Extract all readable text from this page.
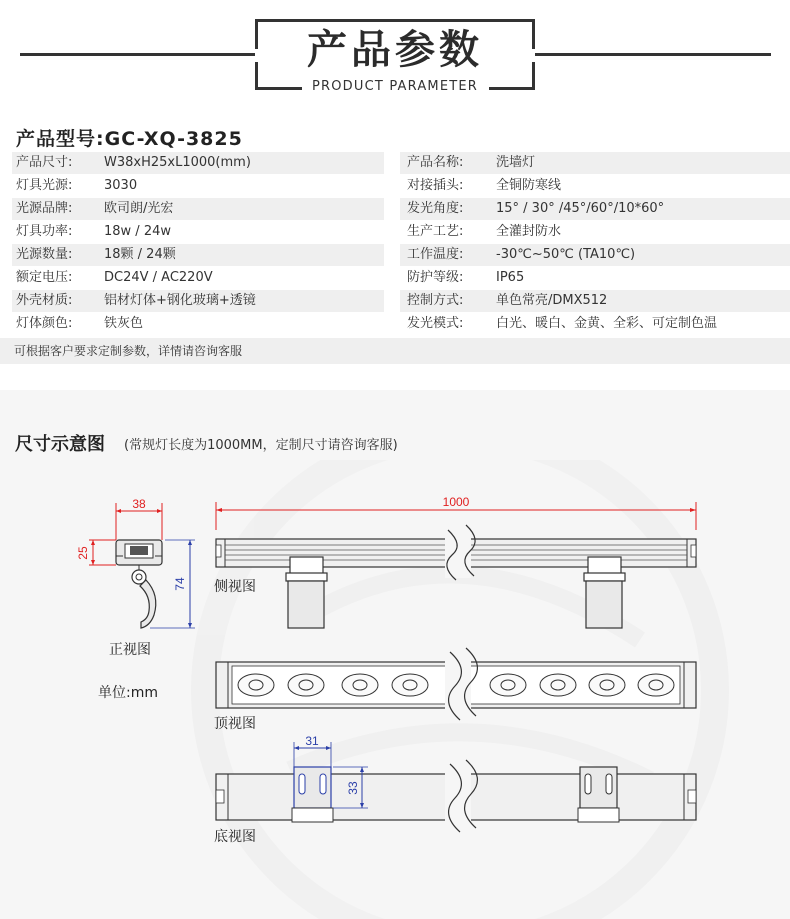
产品参数
PRODUCT PARAMETER
产品型号:GC-XQ-3825
产品尺寸:	W38xH25xL1000(mm)	产品名称:	洗墙灯
灯具光源:	3030	对接插头:	全铜防寒线
光源品牌:	欧司朗/光宏	发光角度:	15° / 30° /45°/60°/10*60°
灯具功率:	18w / 24w	生产工艺:	全灌封防水
光源数量:	18颗 / 24颗	工作温度:	-30℃~50℃ (TA10℃)
额定电压:	DC24V / AC220V	防护等级:	IP65
外壳材质:	铝材灯体+钢化玻璃+透镜	控制方式:	单色常亮/DMX512
灯体颜色:	铁灰色	发光模式:	白光、暖白、金黄、全彩、可定制色温
可根据客户要求定制参数，详情请咨询客服
尺寸示意图 (常规灯长度为1000MM，定制尺寸请咨询客服)
38
25
74
1000
31
33
正视图
单位:mm
侧视图
顶视图
底视图
